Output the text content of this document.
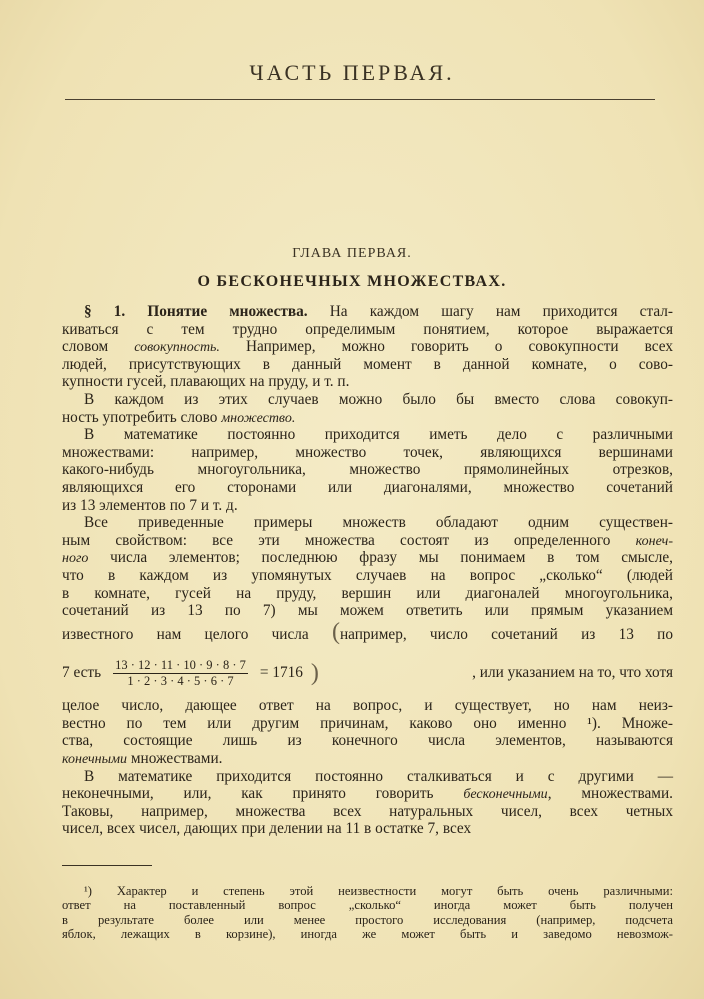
ЧАСТЬ ПЕРВАЯ.
ГЛАВА ПЕРВАЯ.
О БЕСКОНЕЧНЫХ МНОЖЕСТВАХ.
§ 1. Понятие множества. На каждом шагу нам приходится стал-
киваться с тем трудно определимым понятием, которое выражается
словом совокупность. Например, можно говорить о совокупности всех
людей, присутствующих в данный момент в данной комнате, о сово-
купности гусей, плавающих на пруду, и т. п.
В каждом из этих случаев можно было бы вместо слова совокуп-
ность употребить слово множество.
В математике постоянно приходится иметь дело с различными
множествами: например, множество точек, являющихся вершинами
какого-нибудь многоугольника, множество прямолинейных отрезков,
являющихся его сторонами или диагоналями, множество сочетаний
из 13 элементов по 7 и т. д.
Все приведенные примеры множеств обладают одним существен-
ным свойством: все эти множества состоят из определенного конеч-
ного числа элементов; последнюю фразу мы понимаем в том смысле,
что в каждом из упомянутых случаев на вопрос „сколько“ (людей
в комнате, гусей на пруду, вершин или диагоналей многоугольника,
сочетаний из 13 по 7) мы можем ответить или прямым указанием
известного нам целого числа (например, число сочетаний из 13 по
7 есть $\frac{13 \cdot 12 \cdot 11 \cdot 10 \cdot 9 \cdot 8 \cdot 7}{1 \cdot 2 \cdot 3 \cdot 4 \cdot 5 \cdot 6 \cdot 7} = 1716$ )	, или указанием на то, что хотя
целое число, дающее ответ на вопрос, и существует, но нам неиз-
вестно по тем или другим причинам, каково оно именно ¹). Множе-
ства, состоящие лишь из конечного числа элементов, называются
конечными множествами.
В математике приходится постоянно сталкиваться и с другими —
неконечными, или, как принято говорить бесконечными, множествами.
Таковы, например, множества всех натуральных чисел, всех четных
чисел, всех чисел, дающих при делении на 11 в остатке 7, всех
¹) Характер и степень этой неизвестности могут быть очень различными:
ответ на поставленный вопрос „сколько“ иногда может быть получен
в результате более или менее простого исследования (например, подсчета
яблок, лежащих в корзине), иногда же может быть и заведомо невозмож-
